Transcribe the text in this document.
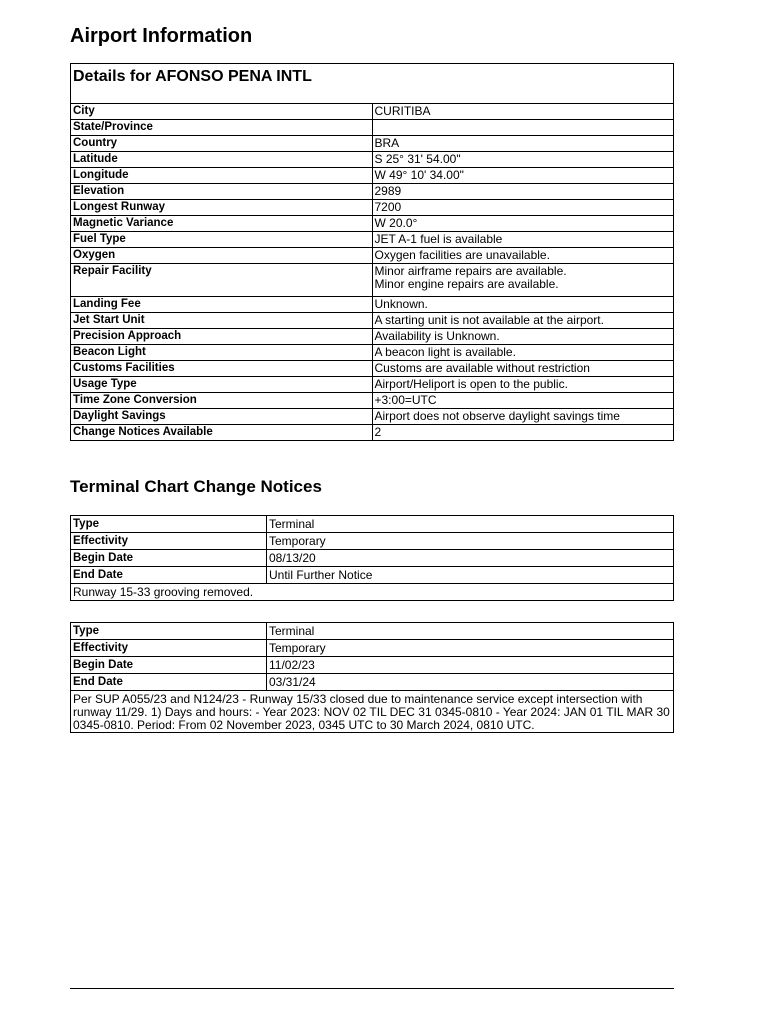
Airport Information
Details for AFONSO PENA INTL	
City	CURITIBA
State/Province	
Country	BRA
Latitude	S 25° 31' 54.00"
Longitude	W 49° 10' 34.00"
Elevation	2989
Longest Runway	7200
Magnetic Variance	W 20.0°
Fuel Type	JET A-1 fuel is available
Oxygen	Oxygen facilities are unavailable.
Repair Facility	Minor airframe repairs are available.
Minor engine repairs are available.

Landing Fee	Unknown.
Jet Start Unit	A starting unit is not available at the airport.
Precision Approach	Availability is Unknown.
Beacon Light	A beacon light is available.
Customs Facilities	Customs are available without restriction
Usage Type	Airport/Heliport is open to the public.
Time Zone Conversion	+3:00=UTC
Daylight Savings	Airport does not observe daylight savings time
Change Notices Available	2
Terminal Chart Change Notices
Type	Terminal
Effectivity	Temporary
Begin Date	08/13/20
End Date	Until Further Notice
Runway 15-33 grooving removed.	
Type	Terminal
Effectivity	Temporary
Begin Date	11/02/23
End Date	03/31/24
Per SUP A055/23 and N124/23 - Runway 15/33 closed due to maintenance service except intersection with runway 11/29. 1) Days and hours: - Year 2023: NOV 02 TIL DEC 31 0345-0810 - Year 2024: JAN 01 TIL MAR 30 0345-0810. Period: From 02 November 2023, 0345 UTC to 30 March 2024, 0810 UTC.	
